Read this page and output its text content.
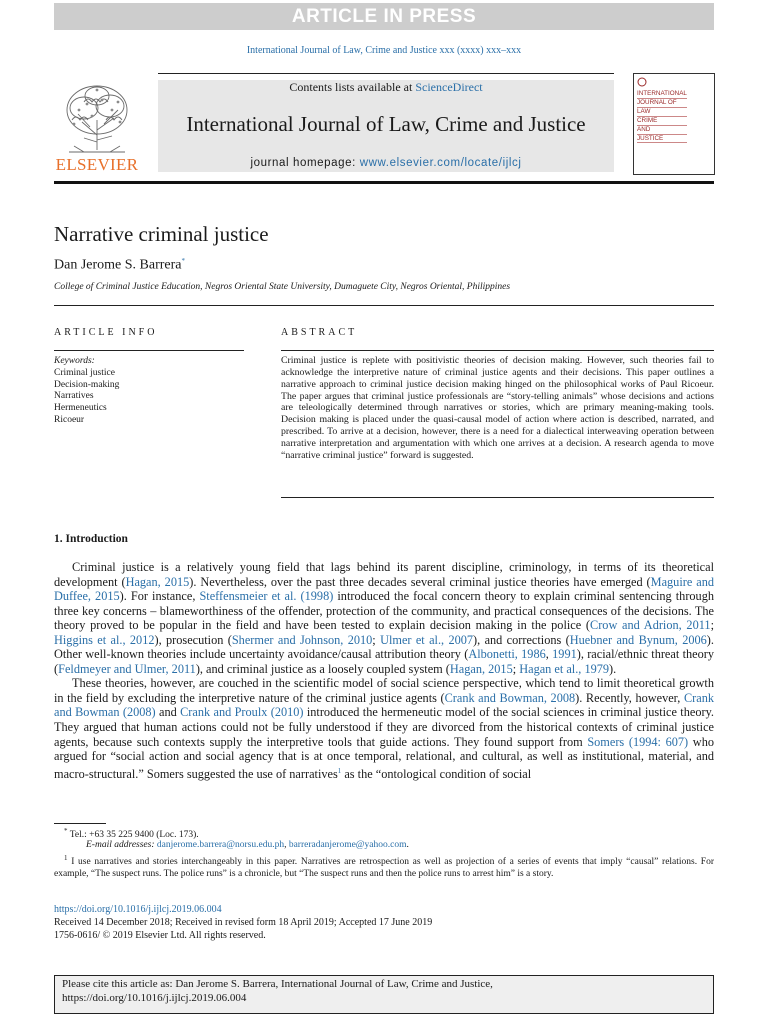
ARTICLE IN PRESS
International Journal of Law, Crime and Justice xxx (xxxx) xxx–xxx
Contents lists available at ScienceDirect
International Journal of Law, Crime and Justice
journal homepage: www.elsevier.com/locate/ijlcj
ELSEVIER
INTERNATIONAL
JOURNAL OF
LAW
CRIME
AND
JUSTICE
Narrative criminal justice
Dan Jerome S. Barrera*
College of Criminal Justice Education, Negros Oriental State University, Dumaguete City, Negros Oriental, Philippines
ARTICLE INFO	ABSTRACT
Keywords:
Criminal justice
Decision-making
Narratives
Hermeneutics
Ricoeur
Criminal justice is replete with positivistic theories of decision making. However, such theories fail to acknowledge the interpretive nature of criminal justice agents and their decisions. This paper outlines a narrative approach to criminal justice decision making hinged on the philosophical works of Paul Ricoeur. The paper argues that criminal justice professionals are “story-telling animals” whose decisions and actions are teleologically determined through narratives or stories, which are primary meaning-making tools. Decision making is placed under the quasi-causal model of action where action is described, narrated, and prescribed. To arrive at a decision, however, there is a need for a dialectical interweaving operation between narrative interpretation and argumentation with which one arrives at a decision. A research agenda to move “narrative criminal justice” forward is suggested.
1. Introduction

Criminal justice is a relatively young field that lags behind its parent discipline, criminology, in terms of its theoretical development (Hagan, 2015). Nevertheless, over the past three decades several criminal justice theories have emerged (Maguire and Duffee, 2015). For instance, Steffensmeier et al. (1998) introduced the focal concern theory to explain criminal sentencing through three key concerns – blameworthiness of the offender, protection of the community, and practical consequences of the decisions. The theory proved to be popular in the field and have been tested to explain decision making in the police (Crow and Adrion, 2011; Higgins et al., 2012), prosecution (Shermer and Johnson, 2010; Ulmer et al., 2007), and corrections (Huebner and Bynum, 2006). Other well-known theories include uncertainty avoidance/causal attribution theory (Albonetti, 1986, 1991), racial/ethnic threat theory (Feldmeyer and Ulmer, 2011), and criminal justice as a loosely coupled system (Hagan, 2015; Hagan et al., 1979).

These theories, however, are couched in the scientific model of social science perspective, which tend to limit theoretical growth in the field by excluding the interpretive nature of the criminal justice agents (Crank and Bowman, 2008). Recently, however, Crank and Bowman (2008) and Crank and Proulx (2010) introduced the hermeneutic model of the social sciences in criminal justice theory. They argued that human actions could not be fully understood if they are divorced from the historical contexts of criminal justice agents, because such contexts supply the interpretive tools that guide actions. They found support from Somers (1994: 607) who argued for “social action and social agency that is at once temporal, relational, and cultural, as well as institutional, material, and macro-structural.” Somers suggested the use of narratives$^1$ as the “ontological condition of social

* Tel.: +63 35 225 9400 (Loc. 173).
E-mail addresses: danjerome.barrera@norsu.edu.ph, barreradanjerome@yahoo.com.
$^1$ I use narratives and stories interchangeably in this paper. Narratives are retrospection as well as projection of a series of events that imply “causal” relations. For example, “The suspect runs. The police runs” is a chronicle, but “The suspect runs and then the police runs to arrest him” is a story.
https://doi.org/10.1016/j.ijlcj.2019.06.004
Received 14 December 2018; Received in revised form 18 April 2019; Accepted 17 June 2019
1756-0616/ © 2019 Elsevier Ltd. All rights reserved.
Please cite this article as: Dan Jerome S. Barrera, International Journal of Law, Crime and Justice,
https://doi.org/10.1016/j.ijlcj.2019.06.004
